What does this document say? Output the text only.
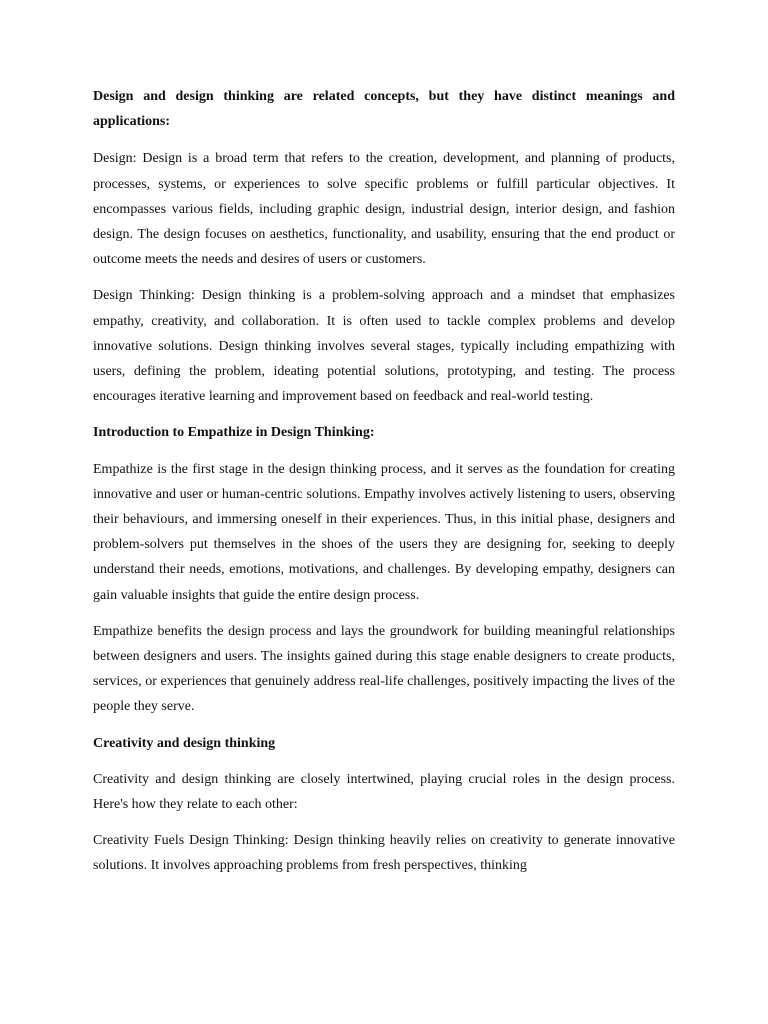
Design and design thinking are related concepts, but they have distinct meanings and applications:

Design: Design is a broad term that refers to the creation, development, and planning of products, processes, systems, or experiences to solve specific problems or fulfill particular objectives. It encompasses various fields, including graphic design, industrial design, interior design, and fashion design. The design focuses on aesthetics, functionality, and usability, ensuring that the end product or outcome meets the needs and desires of users or customers.

Design Thinking: Design thinking is a problem-solving approach and a mindset that emphasizes empathy, creativity, and collaboration. It is often used to tackle complex problems and develop innovative solutions. Design thinking involves several stages, typically including empathizing with users, defining the problem, ideating potential solutions, prototyping, and testing. The process encourages iterative learning and improvement based on feedback and real-world testing.

Introduction to Empathize in Design Thinking:

Empathize is the first stage in the design thinking process, and it serves as the foundation for creating innovative and user or human-centric solutions. Empathy involves actively listening to users, observing their behaviours, and immersing oneself in their experiences. Thus, in this initial phase, designers and problem-solvers put themselves in the shoes of the users they are designing for, seeking to deeply understand their needs, emotions, motivations, and challenges. By developing empathy, designers can gain valuable insights that guide the entire design process.

Empathize benefits the design process and lays the groundwork for building meaningful relationships between designers and users. The insights gained during this stage enable designers to create products, services, or experiences that genuinely address real-life challenges, positively impacting the lives of the people they serve.

Creativity and design thinking

Creativity and design thinking are closely intertwined, playing crucial roles in the design process. Here's how they relate to each other:

Creativity Fuels Design Thinking: Design thinking heavily relies on creativity to generate innovative solutions. It involves approaching problems from fresh perspectives, thinking
